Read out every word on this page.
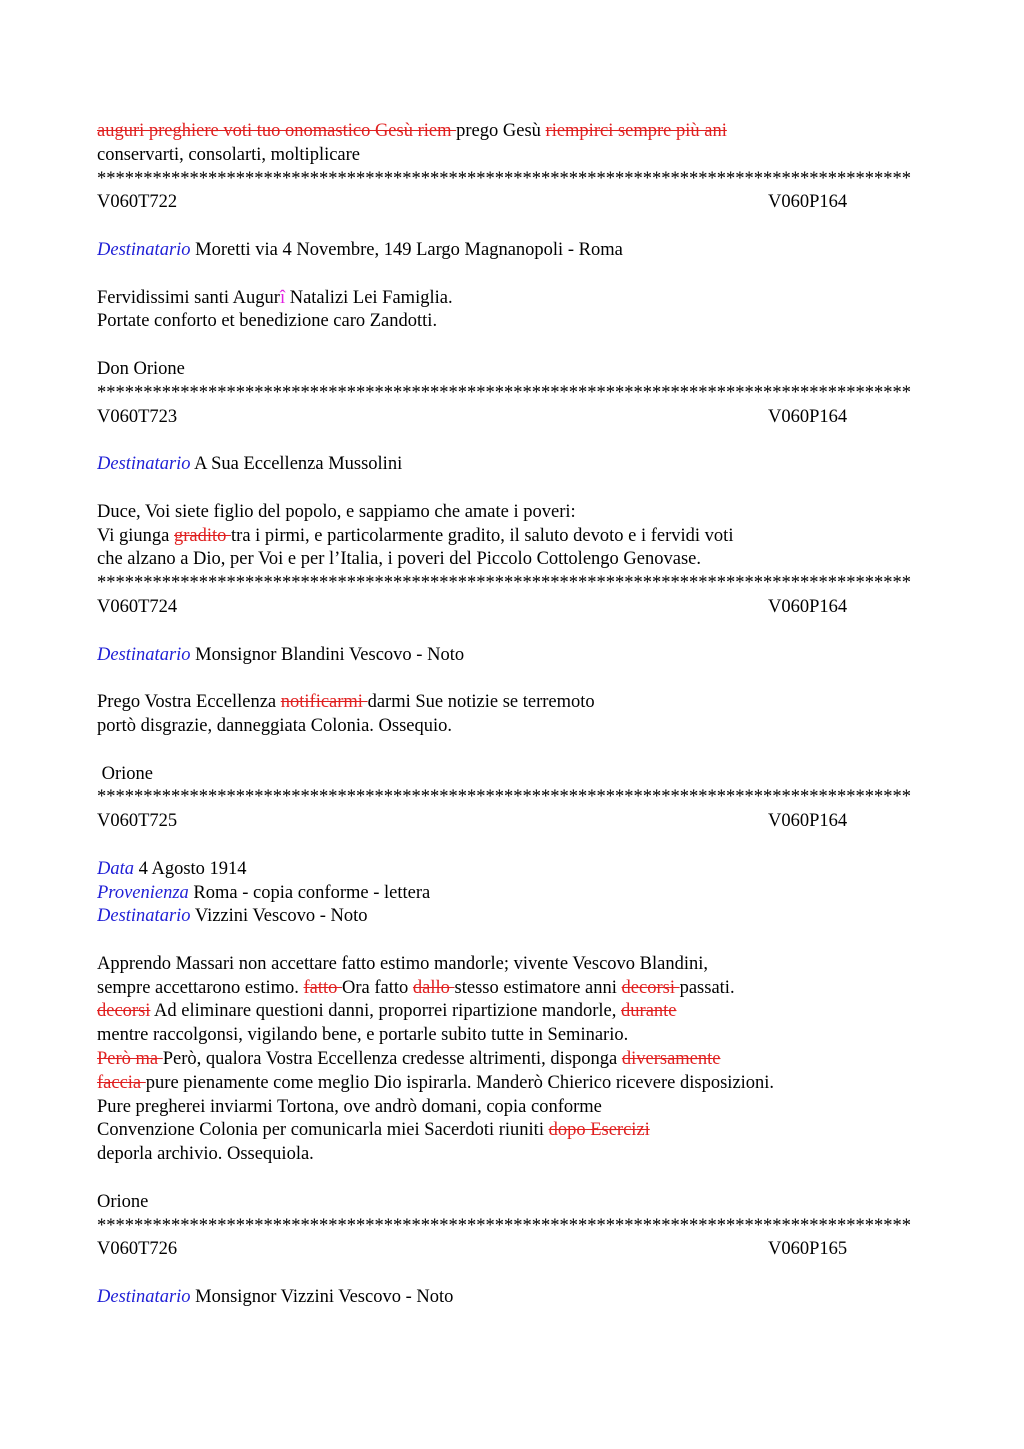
auguri preghiere voti tuo onomastico Gesù riem prego Gesù riempirci sempre più ani
conservarti, consolarti, moltiplicare
****************************************************************************************
V060T722	V060P164
Destinatario Moretti via 4 Novembre, 149 Largo Magnanopoli - Roma
Fervidissimi santi Augurî Natalizi Lei Famiglia.
Portate conforto et benedizione caro Zandotti.
Don Orione
****************************************************************************************
V060T723	V060P164
Destinatario A Sua Eccellenza Mussolini
Duce, Voi siete figlio del popolo, e sappiamo che amate i poveri:
Vi giunga gradito tra i pirmi, e particolarmente gradito, il saluto devoto e i fervidi voti
che alzano a Dio, per Voi e per l’Italia, i poveri del Piccolo Cottolengo Genovase.
****************************************************************************************
V060T724	V060P164
Destinatario Monsignor Blandini Vescovo - Noto
Prego Vostra Eccellenza notificarmi darmi Sue notizie se terremoto
portò disgrazie, danneggiata Colonia. Ossequio.
Orione
****************************************************************************************
V060T725	V060P164
Data 4 Agosto 1914
Provenienza Roma - copia conforme - lettera
Destinatario Vizzini Vescovo - Noto
Apprendo Massari non accettare fatto estimo mandorle; vivente Vescovo Blandini,
sempre accettarono estimo. fatto Ora fatto dallo stesso estimatore anni decorsi passati.
decorsi Ad eliminare questioni danni, proporrei ripartizione mandorle, durante
mentre raccolgonsi, vigilando bene, e portarle subito tutte in Seminario.
Però ma Però, qualora Vostra Eccellenza credesse altrimenti, disponga diversamente
faccia pure pienamente come meglio Dio ispirarla. Manderò Chierico ricevere disposizioni.
Pure pregherei inviarmi Tortona, ove andrò domani, copia conforme
Convenzione Colonia per comunicarla miei Sacerdoti riuniti dopo Esercizi
deporla archivio. Ossequiola.
Orione
****************************************************************************************
V060T726	V060P165
Destinatario Monsignor Vizzini Vescovo - Noto
